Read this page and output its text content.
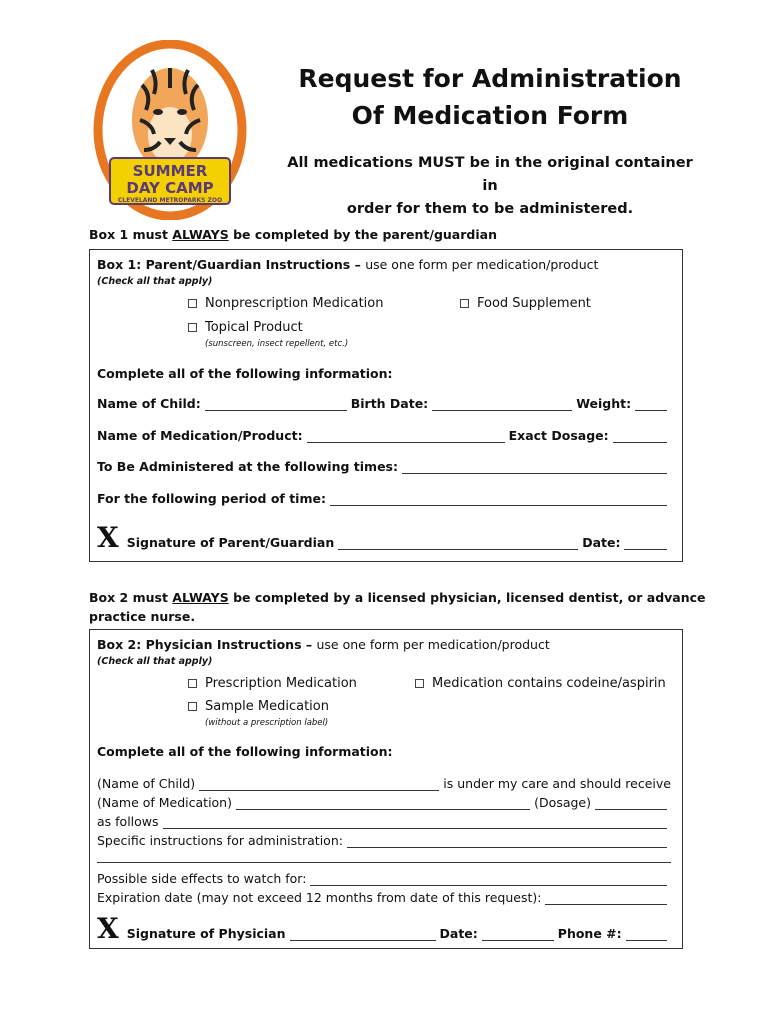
SUMMER
DAY CAMP
CLEVELAND METROPARKS ZOO
Request for Administration
Of Medication Form
All medications MUST be in the original container in
order for them to be administered.
Box 1 must ALWAYS be completed by the parent/guardian
Box 1: Parent/Guardian Instructions – use one form per medication/product
(Check all that apply)
Nonprescription Medication	Food Supplement
Topical Product
(sunscreen, insect repellent, etc.)
Complete all of the following information:
Name of Child:	Birth Date:	Weight:
Name of Medication/Product:	Exact Dosage:
To Be Administered at the following times:
For the following period of time:
X Signature of Parent/Guardian	Date:
Box 2 must ALWAYS be completed by a licensed physician, licensed dentist, or advance
practice nurse.
Box 2: Physician Instructions – use one form per medication/product
(Check all that apply)
Prescription Medication	Medication contains codeine/aspirin
Sample Medication
(without a prescription label)
Complete all of the following information:
(Name of Child)	is under my care and should receive
(Name of Medication)	(Dosage)
as follows
Specific instructions for administration:
Possible side effects to watch for:
Expiration date (may not exceed 12 months from date of this request):
X Signature of Physician	Date:	Phone #:
